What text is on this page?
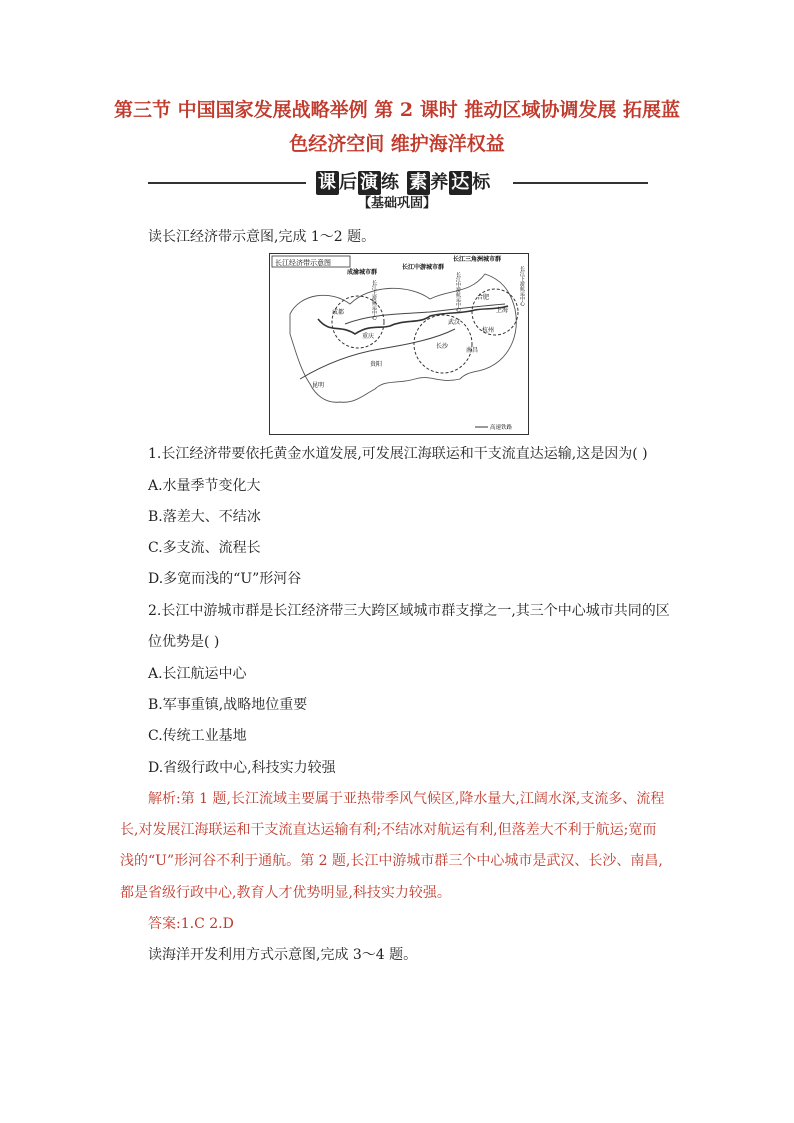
第三节 中国国家发展战略举例 第 2 课时 推动区域协调发展 拓展蓝
色经济空间 维护海洋权益
课 后 演 练 素 养 达 标
【基础巩固】
读长江经济带示意图,完成 1～2 题。
长江经济带示意图
成渝城市群
长江中游城市群
长江三角洲城市群
长江上游航运中心	长江中游航运中心	长江下游航运中心
成都
重庆
武汉
合肥
上海
杭州
长沙
南昌
贵阳
昆明
高速铁路
1.长江经济带要依托黄金水道发展,可发展江海联运和干支流直达运输,这是因为( )
A.水量季节变化大
B.落差大、不结冰
C.多支流、流程长
D.多宽而浅的“U”形河谷
2.长江中游城市群是长江经济带三大跨区域城市群支撑之一,其三个中心城市共同的区
位优势是( )
A.长江航运中心
B.军事重镇,战略地位重要
C.传统工业基地
D.省级行政中心,科技实力较强
解析:第 1 题,长江流域主要属于亚热带季风气候区,降水量大,江阔水深,支流多、流程
长,对发展江海联运和干支流直达运输有利;不结冰对航运有利,但落差大不利于航运;宽而
浅的“U”形河谷不利于通航。第 2 题,长江中游城市群三个中心城市是武汉、长沙、南昌,
都是省级行政中心,教育人才优势明显,科技实力较强。
答案:1.C 2.D
读海洋开发利用方式示意图,完成 3～4 题。
